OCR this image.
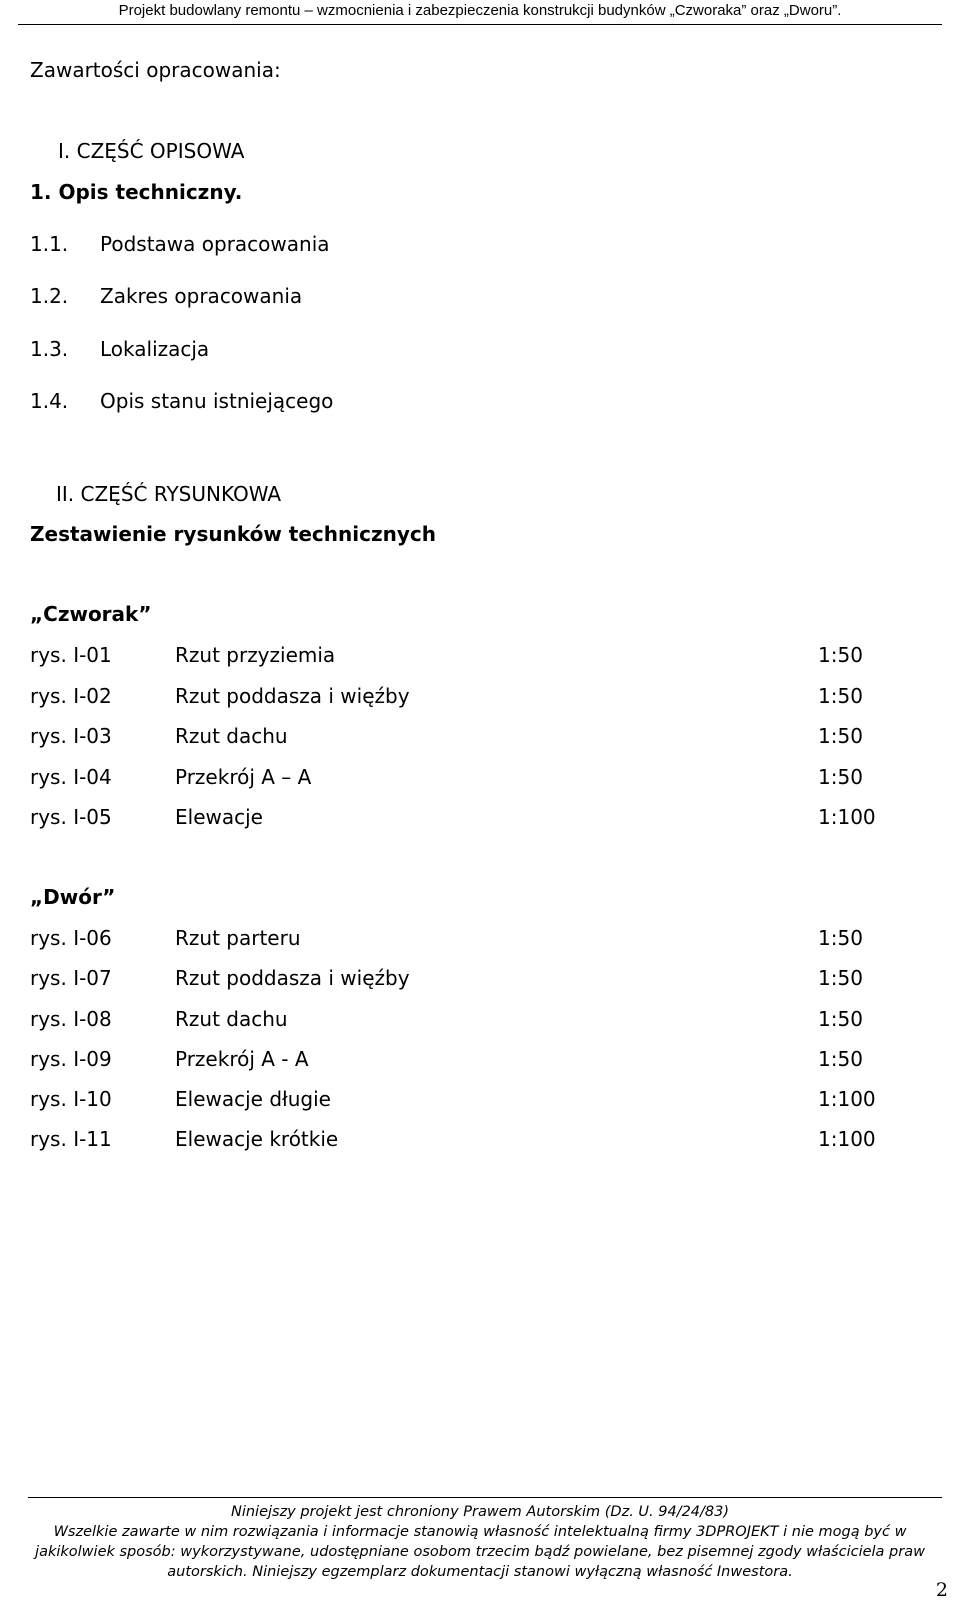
Projekt budowlany remontu – wzmocnienia i zabezpieczenia konstrukcji budynków „Czworaka” oraz „Dworu”.
Zawartości opracowania:
I. CZĘŚĆ OPISOWA
1. Opis techniczny.
1.1. Podstawa opracowania
1.2. Zakres opracowania
1.3. Lokalizacja
1.4. Opis stanu istniejącego
II. CZĘŚĆ RYSUNKOWA
Zestawienie rysunków technicznych
„Czworak”
rys. I-01	Rzut przyziemia	1:50
rys. I-02	Rzut poddasza i więźby	1:50
rys. I-03	Rzut dachu	1:50
rys. I-04	Przekrój A – A	1:50
rys. I-05	Elewacje	1:100
„Dwór”
rys. I-06	Rzut parteru	1:50
rys. I-07	Rzut poddasza i więźby	1:50
rys. I-08	Rzut dachu	1:50
rys. I-09	Przekrój A - A	1:50
rys. I-10	Elewacje długie	1:100
rys. I-11	Elewacje krótkie	1:100
Niniejszy projekt jest chroniony Prawem Autorskim (Dz. U. 94/24/83)
Wszelkie zawarte w nim rozwiązania i informacje stanowią własność intelektualną firmy 3DPROJEKT i nie mogą być w
jakikolwiek sposób: wykorzystywane, udostępniane osobom trzecim bądź powielane, bez pisemnej zgody właściciela praw
autorskich. Niniejszy egzemplarz dokumentacji stanowi wyłączną własność Inwestora.
2
